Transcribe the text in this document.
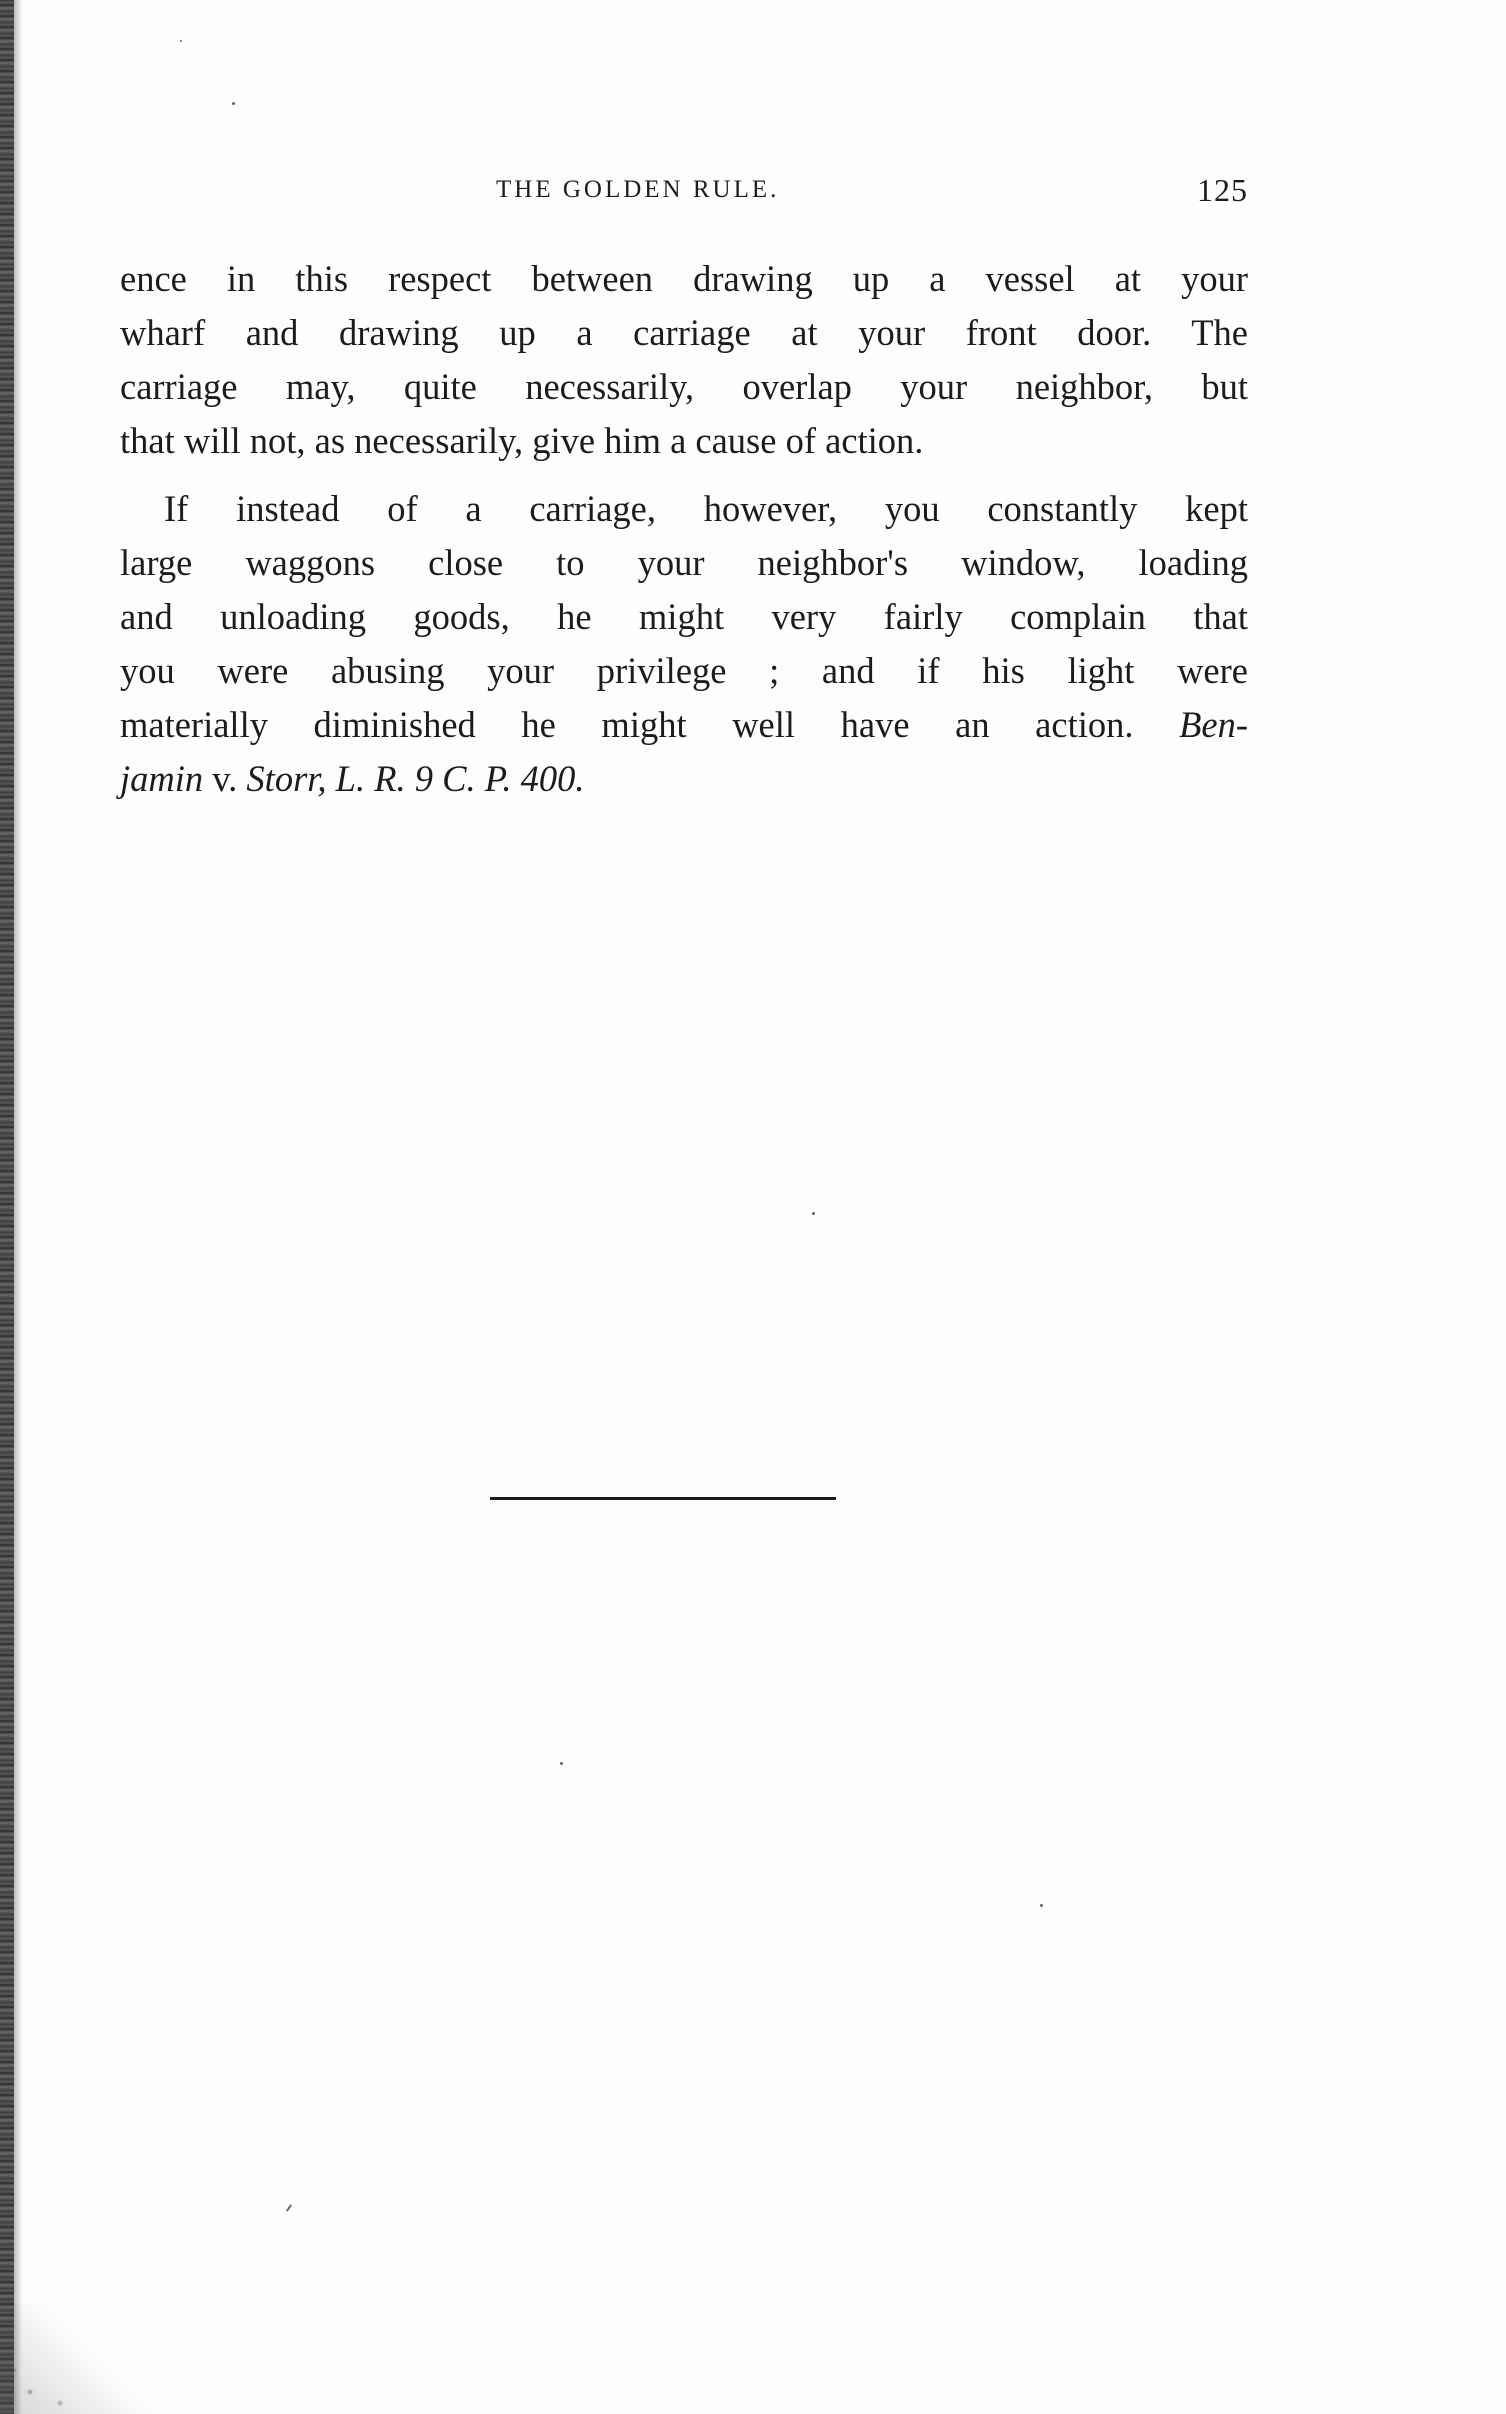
THE GOLDEN RULE.	125
ence in this respect between drawing up a vessel at your
wharf and drawing up a carriage at your front door. The
carriage may, quite necessarily, overlap your neighbor, but
that will not, as necessarily, give him a cause of action.
If instead of a carriage, however, you constantly kept
large waggons close to your neighbor's window, loading
and unloading goods, he might very fairly complain that
you were abusing your privilege ; and if his light were
materially diminished he might well have an action. Ben-
jamin v. Storr, L. R. 9 C. P. 400.
